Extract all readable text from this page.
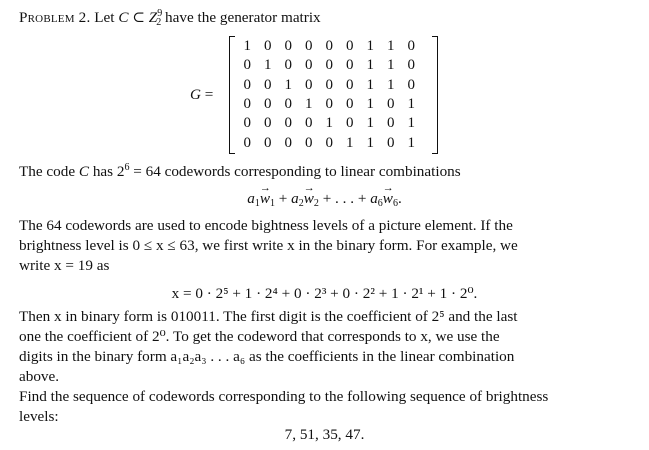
Problem 2. Let C ⊂ $Z^9_2$ have the generator matrix
G =
1	0	0	0	0	0	1	1	0
0	1	0	0	0	0	1	1	0
0	0	1	0	0	0	1	1	0
0	0	0	1	0	0	1	0	1
0	0	0	0	1	0	1	0	1
0	0	0	0	0	1	1	0	1
The code C has $2^6 = 64$ codewords corresponding to linear combinations
$a_1\to w_1 + a_2\to w_2$ + . . . + $a_6\to w_6$.
The 64 codewords are used to encode bightness levels of a picture element. If the
brightness level is 0 ≤ x ≤ 63, we first write x in the binary form. For example, we
write x = 19 as
x = 0 · 2⁵ + 1 · 2⁴ + 0 · 2³ + 0 · 2² + 1 · 2¹ + 1 · 2⁰.
Then x in binary form is 010011. The first digit is the coefficient of 2⁵ and the last
one the coefficient of 2⁰. To get the codeword that corresponds to x, we use the
digits in the binary form a₁a₂a₃ . . . a₆ as the coefficients in the linear combination
above.
Find the sequence of codewords corresponding to the following sequence of brightness
levels:
7, 51, 35, 47.
